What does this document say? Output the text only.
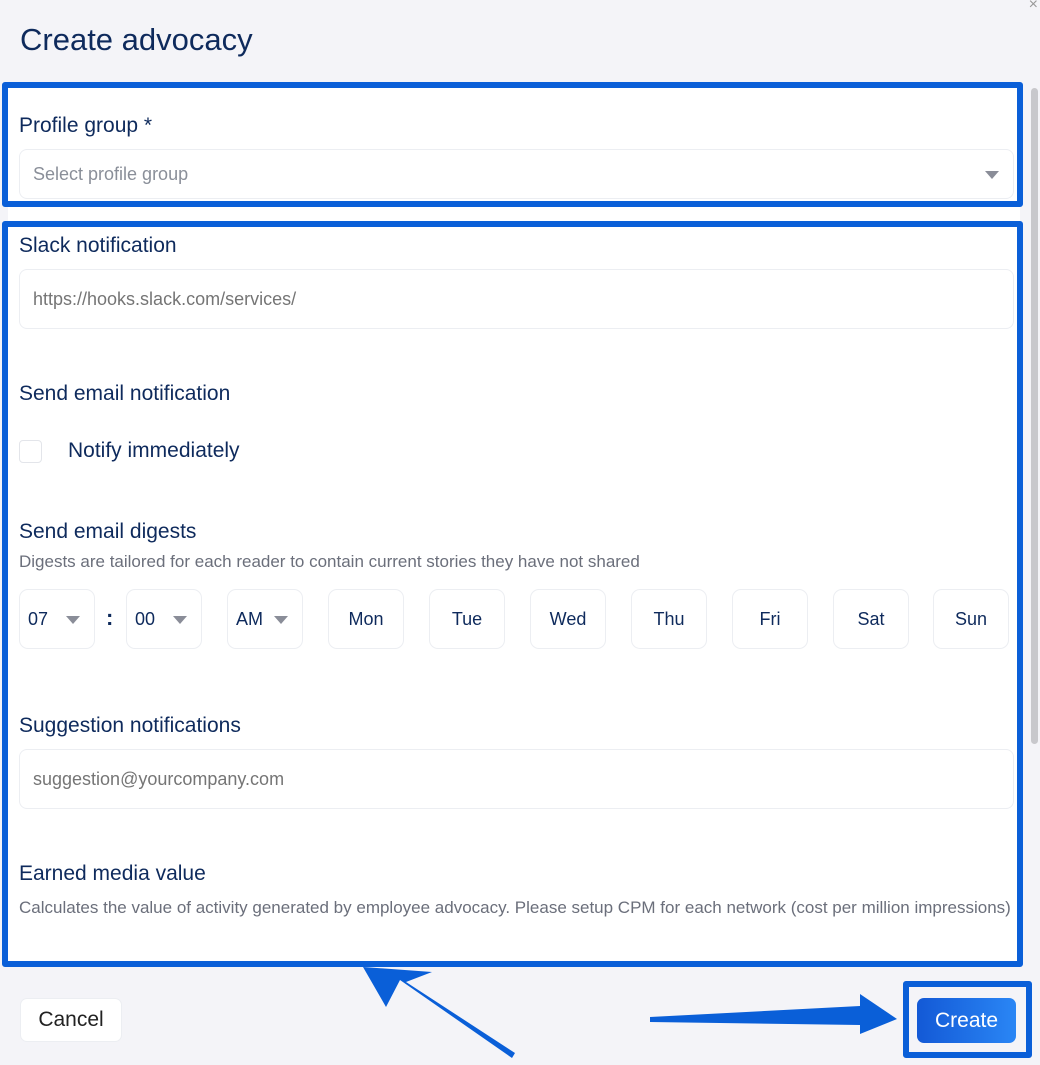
Create advocacy
×
Profile group *
Select profile group
Slack notification
https://hooks.slack.com/services/
Send email notification
Notify immediately
Send email digests
Digests are tailored for each reader to contain current stories they have not shared
07	: 00	AM	Mon	Tue	Wed	Thu	Fri	Sat	Sun
Suggestion notifications
suggestion@yourcompany.com
Earned media value
Calculates the value of activity generated by employee advocacy. Please setup CPM for each network (cost per million impressions)
Cancel	Create
